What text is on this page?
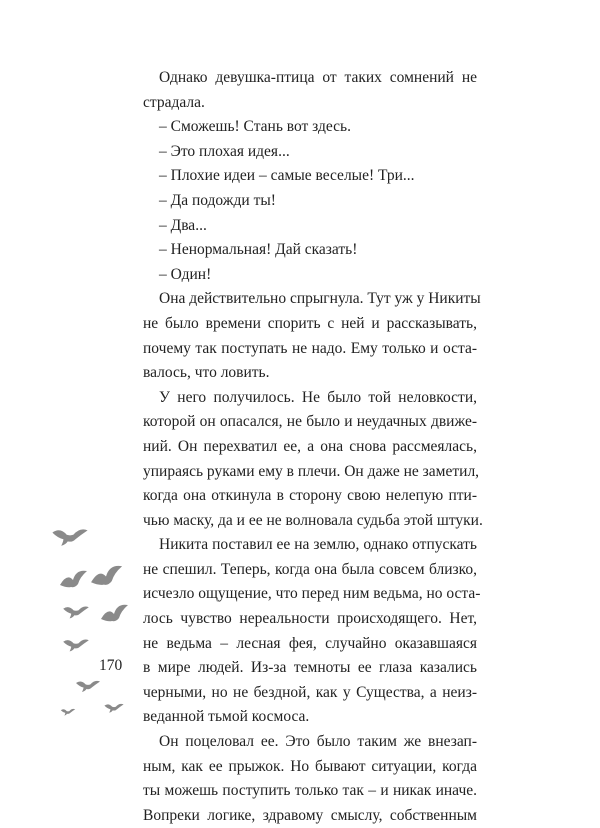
Однако девушка-птица от таких сомнений не
страдала.
– Сможешь! Стань вот здесь.
– Это плохая идея...
– Плохие идеи – самые веселые! Три...
– Да подожди ты!
– Два...
– Ненормальная! Дай сказать!
– Один!
Она действительно спрыгнула. Тут уж у Никиты
не было времени спорить с ней и рассказывать,
почему так поступать не надо. Ему только и оста-
валось, что ловить.
У него получилось. Не было той неловкости,
которой он опасался, не было и неудачных движе-
ний. Он перехватил ее, а она снова рассмеялась,
упираясь руками ему в плечи. Он даже не заметил,
когда она откинула в сторону свою нелепую пти-
чью маску, да и ее не волновала судьба этой штуки.
Никита поставил ее на землю, однако отпускать
не спешил. Теперь, когда она была совсем близко,
исчезло ощущение, что перед ним ведьма, но оста-
лось чувство нереальности происходящего. Нет,
не ведьма – лесная фея, случайно оказавшаяся
в мире людей. Из-за темноты ее глаза казались
черными, но не бездной, как у Существа, а неиз-
веданной тьмой космоса.
Он поцеловал ее. Это было таким же внезап-
ным, как ее прыжок. Но бывают ситуации, когда
ты можешь поступить только так – и никак иначе.
Вопреки логике, здравому смыслу, собственным
170
